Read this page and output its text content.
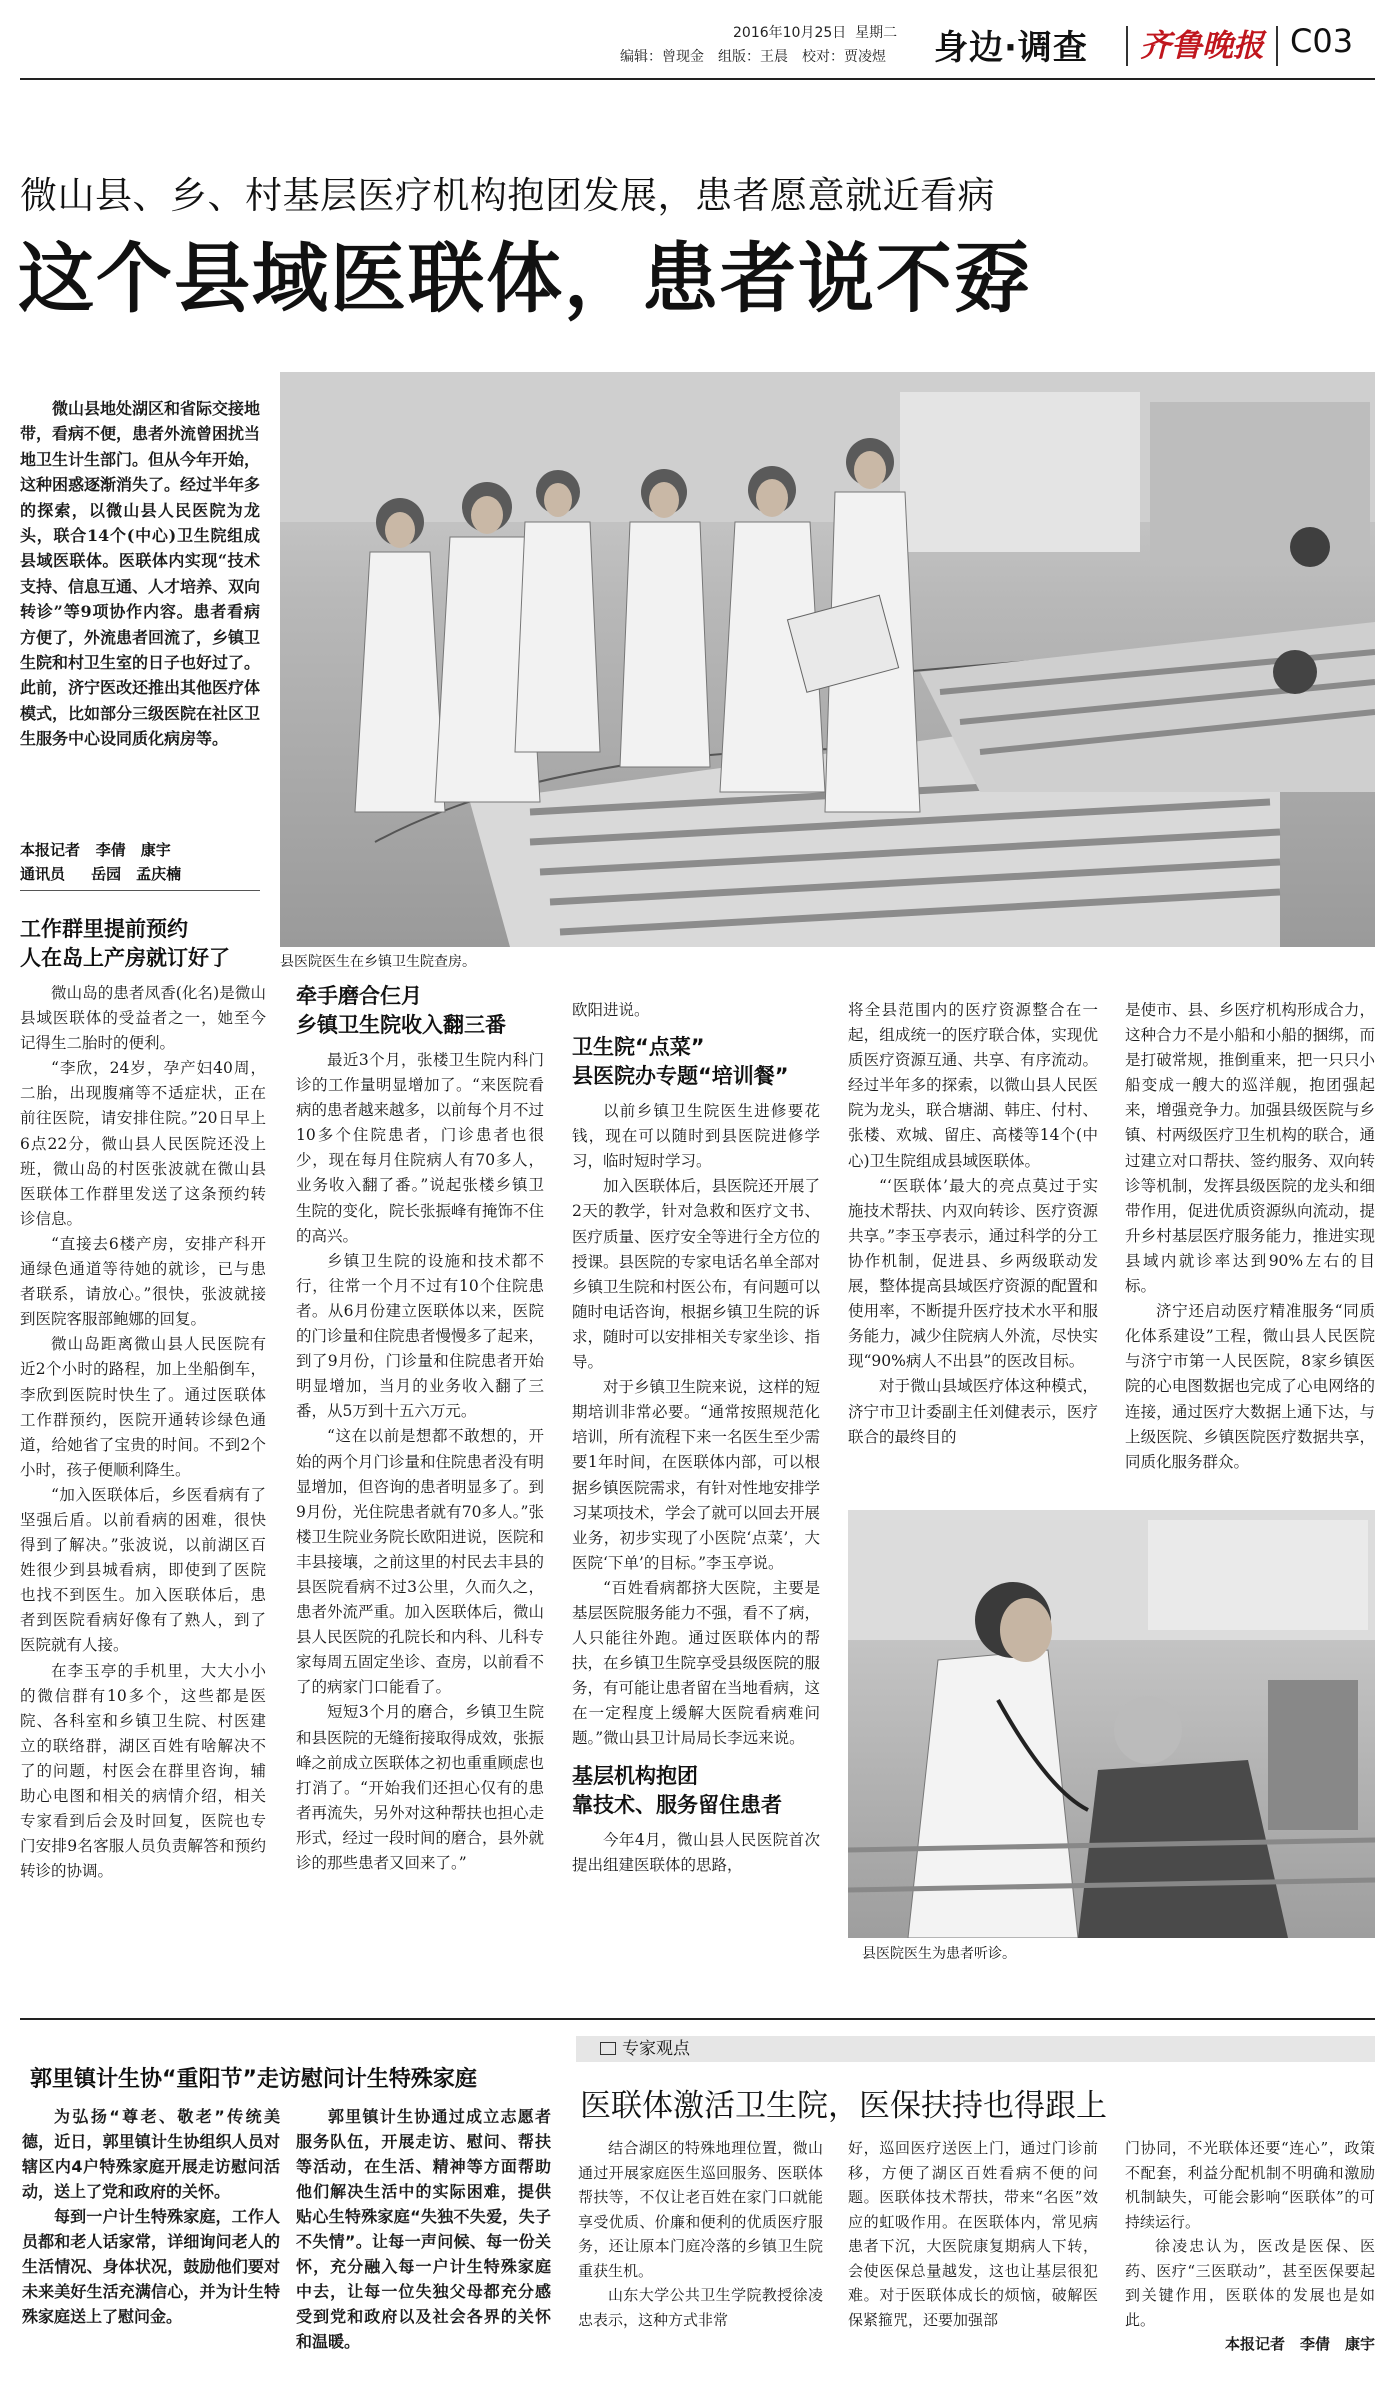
2016年10月25日 星期二
编辑：曾现金　组版：王晨　校对：贾凌煜 身边·调查 齐鲁晚报 C03
微山县、乡、村基层医疗机构抱团发展，患者愿意就近看病
这个县域医联体，患者说不孬

微山县地处湖区和省际交接地带，看病不便，患者外流曾困扰当地卫生计生部门。但从今年开始，这种困惑逐渐消失了。经过半年多的探索，以微山县人民医院为龙头，联合14个(中心)卫生院组成县域医联体。医联体内实现“技术支持、信息互通、人才培养、双向转诊”等9项协作内容。患者看病方便了，外流患者回流了，乡镇卫生院和村卫生室的日子也好过了。此前，济宁医改还推出其他医疗体模式，比如部分三级医院在社区卫生服务中心设同质化病房等。

本报记者 李倩　康宇
通讯员 岳园　孟庆楠
县医院医生在乡镇卫生院查房。
工作群里提前预约
人在岛上产房就订好了

微山岛的患者凤香(化名)是微山县域医联体的受益者之一，她至今记得生二胎时的便利。

“李欣，24岁，孕产妇40周，二胎，出现腹痛等不适症状，正在前往医院，请安排住院。”20日早上6点22分，微山县人民医院还没上班，微山岛的村医张波就在微山县医联体工作群里发送了这条预约转诊信息。

“直接去6楼产房，安排产科开通绿色通道等待她的就诊，已与患者联系，请放心。”很快，张波就接到医院客服部鲍娜的回复。

微山岛距离微山县人民医院有近2个小时的路程，加上坐船倒车，李欣到医院时快生了。通过医联体工作群预约，医院开通转诊绿色通道，给她省了宝贵的时间。不到2个小时，孩子便顺利降生。

“加入医联体后，乡医看病有了坚强后盾。以前看病的困难，很快得到了解决。”张波说，以前湖区百姓很少到县城看病，即使到了医院也找不到医生。加入医联体后，患者到医院看病好像有了熟人，到了医院就有人接。

在李玉亭的手机里，大大小小的微信群有10多个，这些都是医院、各科室和乡镇卫生院、村医建立的联络群，湖区百姓有啥解决不了的问题，村医会在群里咨询，辅助心电图和相关的病情介绍，相关专家看到后会及时回复，医院也专门安排9名客服人员负责解答和预约转诊的协调。

牵手磨合仨月
乡镇卫生院收入翻三番

最近3个月，张楼卫生院内科门诊的工作量明显增加了。“来医院看病的患者越来越多，以前每个月不过10多个住院患者，门诊患者也很少，现在每月住院病人有70多人，业务收入翻了番。”说起张楼乡镇卫生院的变化，院长张振峰有掩饰不住的高兴。

乡镇卫生院的设施和技术都不行，往常一个月不过有10个住院患者。从6月份建立医联体以来，医院的门诊量和住院患者慢慢多了起来，到了9月份，门诊量和住院患者开始明显增加，当月的业务收入翻了三番，从5万到十五六万元。

“这在以前是想都不敢想的，开始的两个月门诊量和住院患者没有明显增加，但咨询的患者明显多了。到9月份，光住院患者就有70多人。”张楼卫生院业务院长欧阳进说，医院和丰县接壤，之前这里的村民去丰县的县医院看病不过3公里，久而久之，患者外流严重。加入医联体后，微山县人民医院的孔院长和内科、儿科专家每周五固定坐诊、查房，以前看不了的病家门口能看了。

短短3个月的磨合，乡镇卫生院和县医院的无缝衔接取得成效，张振峰之前成立医联体之初也重重顾虑也打消了。“开始我们还担心仅有的患者再流失，另外对这种帮扶也担心走形式，经过一段时间的磨合，县外就诊的那些患者又回来了。”

欧阳进说。

卫生院“点菜”
县医院办专题“培训餐”

以前乡镇卫生院医生进修要花钱，现在可以随时到县医院进修学习，临时短时学习。

加入医联体后，县医院还开展了2天的教学，针对急救和医疗文书、医疗质量、医疗安全等进行全方位的授课。县医院的专家电话名单全部对乡镇卫生院和村医公布，有问题可以随时电话咨询，根据乡镇卫生院的诉求，随时可以安排相关专家坐诊、指导。

对于乡镇卫生院来说，这样的短期培训非常必要。“通常按照规范化培训，所有流程下来一名医生至少需要1年时间，在医联体内部，可以根据乡镇医院需求，有针对性地安排学习某项技术，学会了就可以回去开展业务，初步实现了小医院‘点菜’，大医院‘下单’的目标。”李玉亭说。

“百姓看病都挤大医院，主要是基层医院服务能力不强，看不了病，人只能往外跑。通过医联体内的帮扶，在乡镇卫生院享受县级医院的服务，有可能让患者留在当地看病，这在一定程度上缓解大医院看病难问题。”微山县卫计局局长李远来说。

基层机构抱团
靠技术、服务留住患者

今年4月，微山县人民医院首次提出组建医联体的思路，

将全县范围内的医疗资源整合在一起，组成统一的医疗联合体，实现优质医疗资源互通、共享、有序流动。经过半年多的探索，以微山县人民医院为龙头，联合塘湖、韩庄、付村、张楼、欢城、留庄、高楼等14个(中心)卫生院组成县域医联体。

“‘医联体’最大的亮点莫过于实施技术帮扶、内双向转诊、医疗资源共享。”李玉亭表示，通过科学的分工协作机制，促进县、乡两级联动发展，整体提高县域医疗资源的配置和使用率，不断提升医疗技术水平和服务能力，减少住院病人外流，尽快实现“90%病人不出县”的医改目标。

对于微山县域医疗体这种模式，济宁市卫计委副主任刘健表示，医疗联合的最终目的

是使市、县、乡医疗机构形成合力，这种合力不是小船和小船的捆绑，而是打破常规，推倒重来，把一只只小船变成一艘大的巡洋舰，抱团强起来，增强竞争力。加强县级医院与乡镇、村两级医疗卫生机构的联合，通过建立对口帮扶、签约服务、双向转诊等机制，发挥县级医院的龙头和细带作用，促进优质资源纵向流动，提升乡村基层医疗服务能力，推进实现县域内就诊率达到90%左右的目标。

济宁还启动医疗精准服务“同质化体系建设”工程，微山县人民医院与济宁市第一人民医院，8家乡镇医院的心电图数据也完成了心电网络的连接，通过医疗大数据上通下达，与上级医院、乡镇医院医疗数据共享，同质化服务群众。

县医院医生为患者听诊。
郭里镇计生协“重阳节”走访慰问计生特殊家庭

为弘扬“尊老、敬老”传统美德，近日，郭里镇计生协组织人员对辖区内4户特殊家庭开展走访慰问活动，送上了党和政府的关怀。

每到一户计生特殊家庭，工作人员都和老人话家常，详细询问老人的生活情况、身体状况，鼓励他们要对未来美好生活充满信心，并为计生特殊家庭送上了慰问金。

郭里镇计生协通过成立志愿者服务队伍，开展走访、慰问、帮扶等活动，在生活、精神等方面帮助他们解决生活中的实际困难，提供贴心生特殊家庭“失独不失爱，失子不失情”。让每一声问候、每一份关怀，充分融入每一户计生特殊家庭中去，让每一位失独父母都充分感受到党和政府以及社会各界的关怀和温暖。

专家观点
医联体激活卫生院，医保扶持也得跟上

结合湖区的特殊地理位置，微山通过开展家庭医生巡回服务、医联体帮扶等，不仅让老百姓在家门口就能享受优质、价廉和便利的优质医疗服务，还让原本门庭冷落的乡镇卫生院重获生机。

山东大学公共卫生学院教授徐凌忠表示，这种方式非常

好，巡回医疗送医上门，通过门诊前移，方便了湖区百姓看病不便的问题。医联体技术帮扶，带来“名医”效应的虹吸作用。在医联体内，常见病患者下沉，大医院康复期病人下转，会使医保总量越发，这也让基层很犯难。对于医联体成长的烦恼，破解医保紧箍咒，还要加强部

门协同，不光联体还要“连心”，政策不配套，利益分配机制不明确和激励机制缺失，可能会影响“医联体”的可持续运行。

徐凌忠认为，医改是医保、医药、医疗“三医联动”，甚至医保要起到关键作用，医联体的发展也是如此。

本报记者　李倩　康宇
